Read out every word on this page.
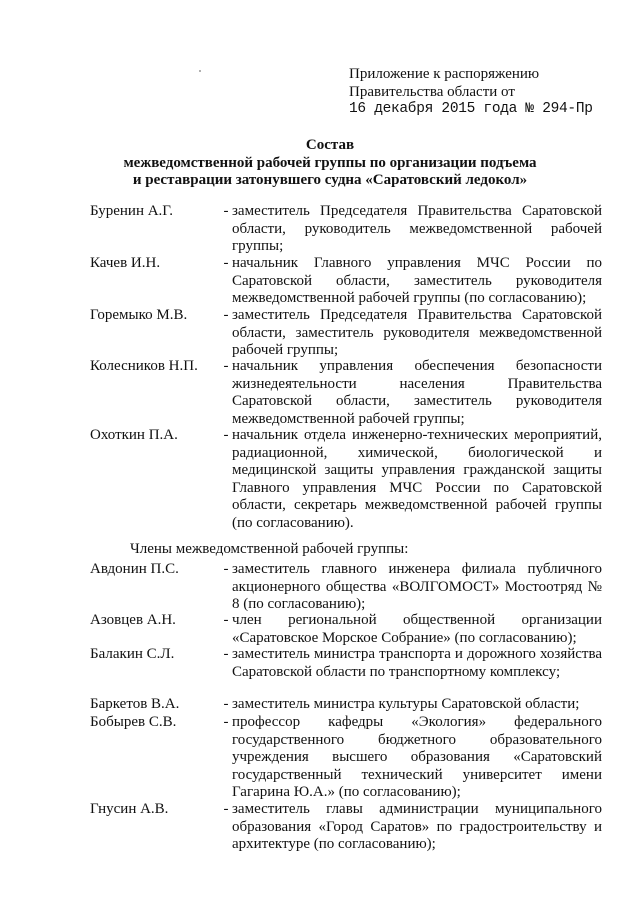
Приложение к распоряжению
Правительства области от
16 декабря 2015 года № 294-Пр
Состав
межведомственной рабочей группы по организации подъема
и реставрации затонувшего судна «Саратовский ледокол»
Буренин А.Г.	- заместитель Председателя Правительства Саратовской области, руководитель межведомственной рабочей группы;
Качев И.Н.	- начальник Главного управления МЧС России по Саратовской области, заместитель руководителя межведомственной рабочей группы (по согласованию);
Горемыко М.В.	- заместитель Председателя Правительства Саратовской области, заместитель руководителя межведомственной рабочей группы;
Колесников Н.П.	- начальник управления обеспечения безопасности жизнедеятельности населения Правительства Саратовской области, заместитель руководителя межведомственной рабочей группы;
Охоткин П.А.	- начальник отдела инженерно-технических мероприятий, радиационной, химической, биологической и медицинской защиты управления гражданской защиты Главного управления МЧС России по Саратовской области, секретарь межведомственной рабочей группы (по согласованию).
Члены межведомственной рабочей группы:
Авдонин П.С.	- заместитель главного инженера филиала публичного акционерного общества «ВОЛГОМОСТ» Мостоотряд № 8 (по согласованию);
Азовцев А.Н.	- член региональной общественной организации «Саратовское Морское Собрание» (по согласованию);
Балакин С.Л.	- заместитель министра транспорта и дорожного хозяйства Саратовской области по транспортному комплексу;
Баркетов В.А.	- заместитель министра культуры Саратовской области;
Бобырев С.В.	- профессор кафедры «Экология» федерального государственного бюджетного образовательного учреждения высшего образования «Саратовский государственный технический университет имени Гагарина Ю.А.» (по согласованию);
Гнусин А.В.	- заместитель главы администрации муниципального образования «Город Саратов» по градостроительству и архитектуре (по согласованию);
